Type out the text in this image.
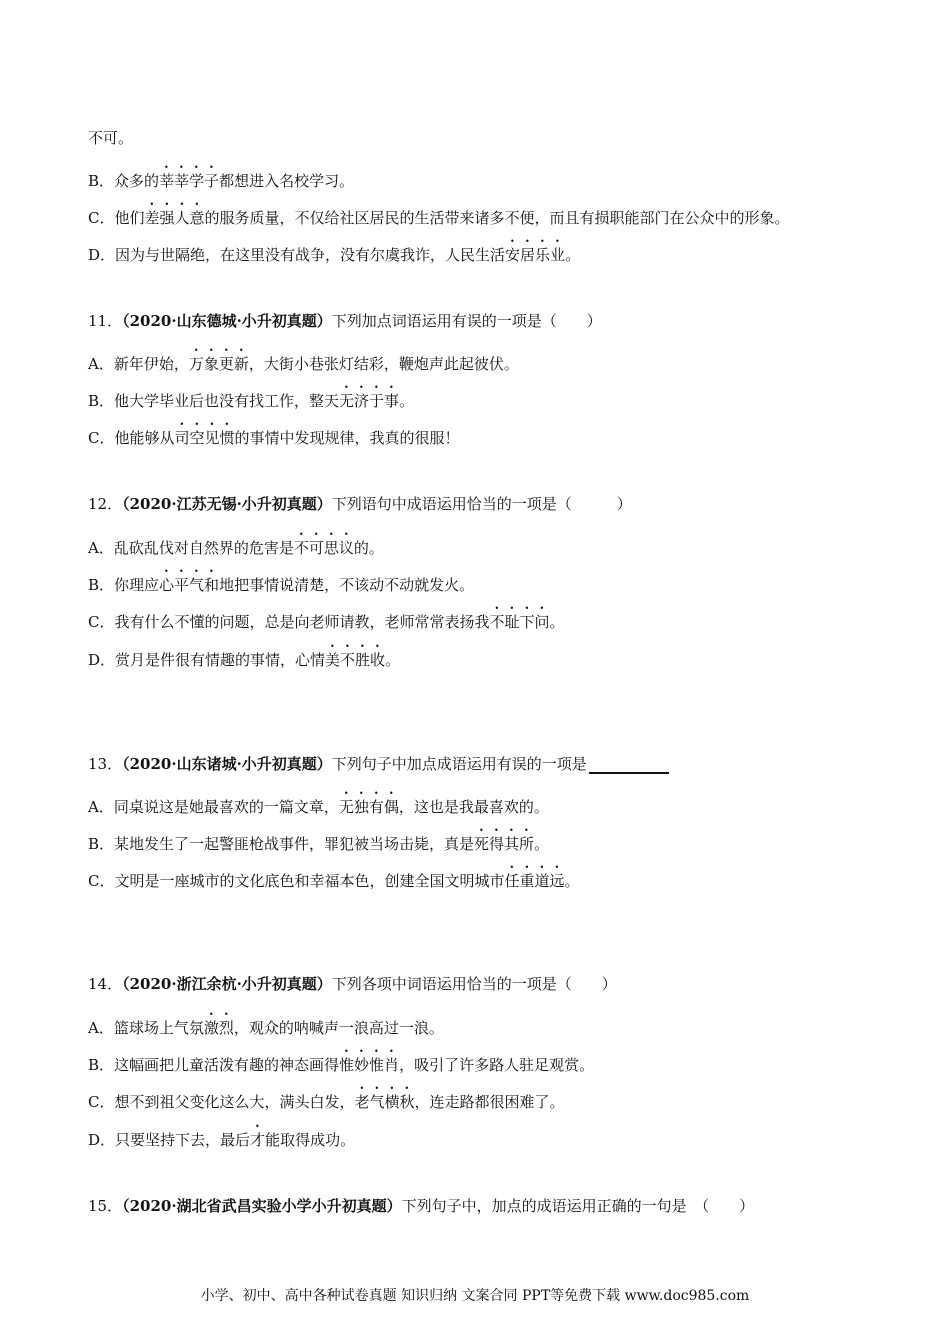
不可。
B．众多的莘莘学子都想进入名校学习。
C．他们差强人意的服务质量，不仅给社区居民的生活带来诸多不便，而且有损职能部门在公众中的形象。
D．因为与世隔绝，在这里没有战争，没有尔虞我诈，人民生活安居乐业。
11．（2020·山东德城·小升初真题）下列加点词语运用有误的一项是（　　）
A．新年伊始，万象更新，大街小巷张灯结彩，鞭炮声此起彼伏。
B．他大学毕业后也没有找工作，整天无济于事。
C．他能够从司空见惯的事情中发现规律，我真的很服！
12．（2020·江苏无锡·小升初真题）下列语句中成语运用恰当的一项是（　　　）
A．乱砍乱伐对自然界的危害是不可思议的。
B．你理应心平气和地把事情说清楚，不该动不动就发火。
C．我有什么不懂的问题，总是向老师请教，老师常常表扬我不耻下问。
D．赏月是件很有情趣的事情，心情美不胜收。
13．（2020·山东诸城·小升初真题）下列句子中加点成语运用有误的一项是
A．同桌说这是她最喜欢的一篇文章，无独有偶，这也是我最喜欢的。
B．某地发生了一起警匪枪战事件，罪犯被当场击毙，真是死得其所。
C．文明是一座城市的文化底色和幸福本色，创建全国文明城市任重道远。
14．（2020·浙江余杭·小升初真题）下列各项中词语运用恰当的一项是（　　）
A．篮球场上气氛激烈，观众的呐喊声一浪高过一浪。
B．这幅画把儿童活泼有趣的神态画得惟妙惟肖，吸引了许多路人驻足观赏。
C．想不到祖父变化这么大，满头白发，老气横秋，连走路都很困难了。
D．只要坚持下去，最后才能取得成功。
15．（2020·湖北省武昌实验小学小升初真题）下列句子中，加点的成语运用正确的一句是　（　　）
小学、初中、高中各种试卷真题 知识归纳 文案合同 PPT等免费下载 www.doc985.com
